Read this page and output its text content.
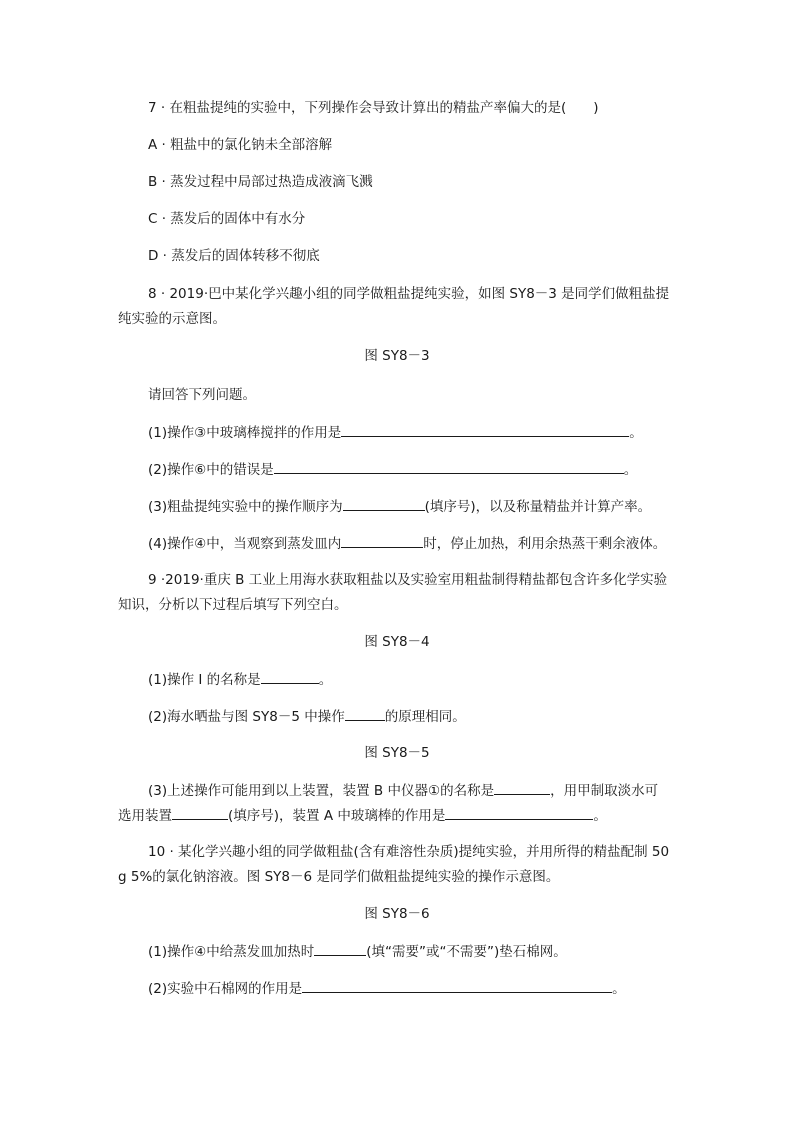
7 · 在粗盐提纯的实验中，下列操作会导致计算出的精盐产率偏大的是(　　)
A · 粗盐中的氯化钠未全部溶解
B · 蒸发过程中局部过热造成液滴飞溅
C · 蒸发后的固体中有水分
D · 蒸发后的固体转移不彻底
8 · 2019·巴中某化学兴趣小组的同学做粗盐提纯实验，如图 SY8－3 是同学们做粗盐提
纯实验的示意图。
图 SY8－3
请回答下列问题。
(1)操作③中玻璃棒搅拌的作用是	。
(2)操作⑥中的错误是	。
(3)粗盐提纯实验中的操作顺序为	(填序号)，以及称量精盐并计算产率。
(4)操作④中，当观察到蒸发皿内	时，停止加热，利用余热蒸干剩余液体。
9 ·2019·重庆 B 工业上用海水获取粗盐以及实验室用粗盐制得精盐都包含许多化学实验
知识，分析以下过程后填写下列空白。
图 SY8－4
(1)操作 Ⅰ 的名称是	。
(2)海水晒盐与图 SY8－5 中操作	的原理相同。
图 SY8－5
(3)上述操作可能用到以上装置，装置 B 中仪器①的名称是	，用甲制取淡水可
选用装置	(填序号)，装置 A 中玻璃棒的作用是	。
10 · 某化学兴趣小组的同学做粗盐(含有难溶性杂质)提纯实验，并用所得的精盐配制 50
g 5%的氯化钠溶液。图 SY8－6 是同学们做粗盐提纯实验的操作示意图。
图 SY8－6
(1)操作④中给蒸发皿加热时	(填“需要”或“不需要”)垫石棉网。
(2)实验中石棉网的作用是	。
